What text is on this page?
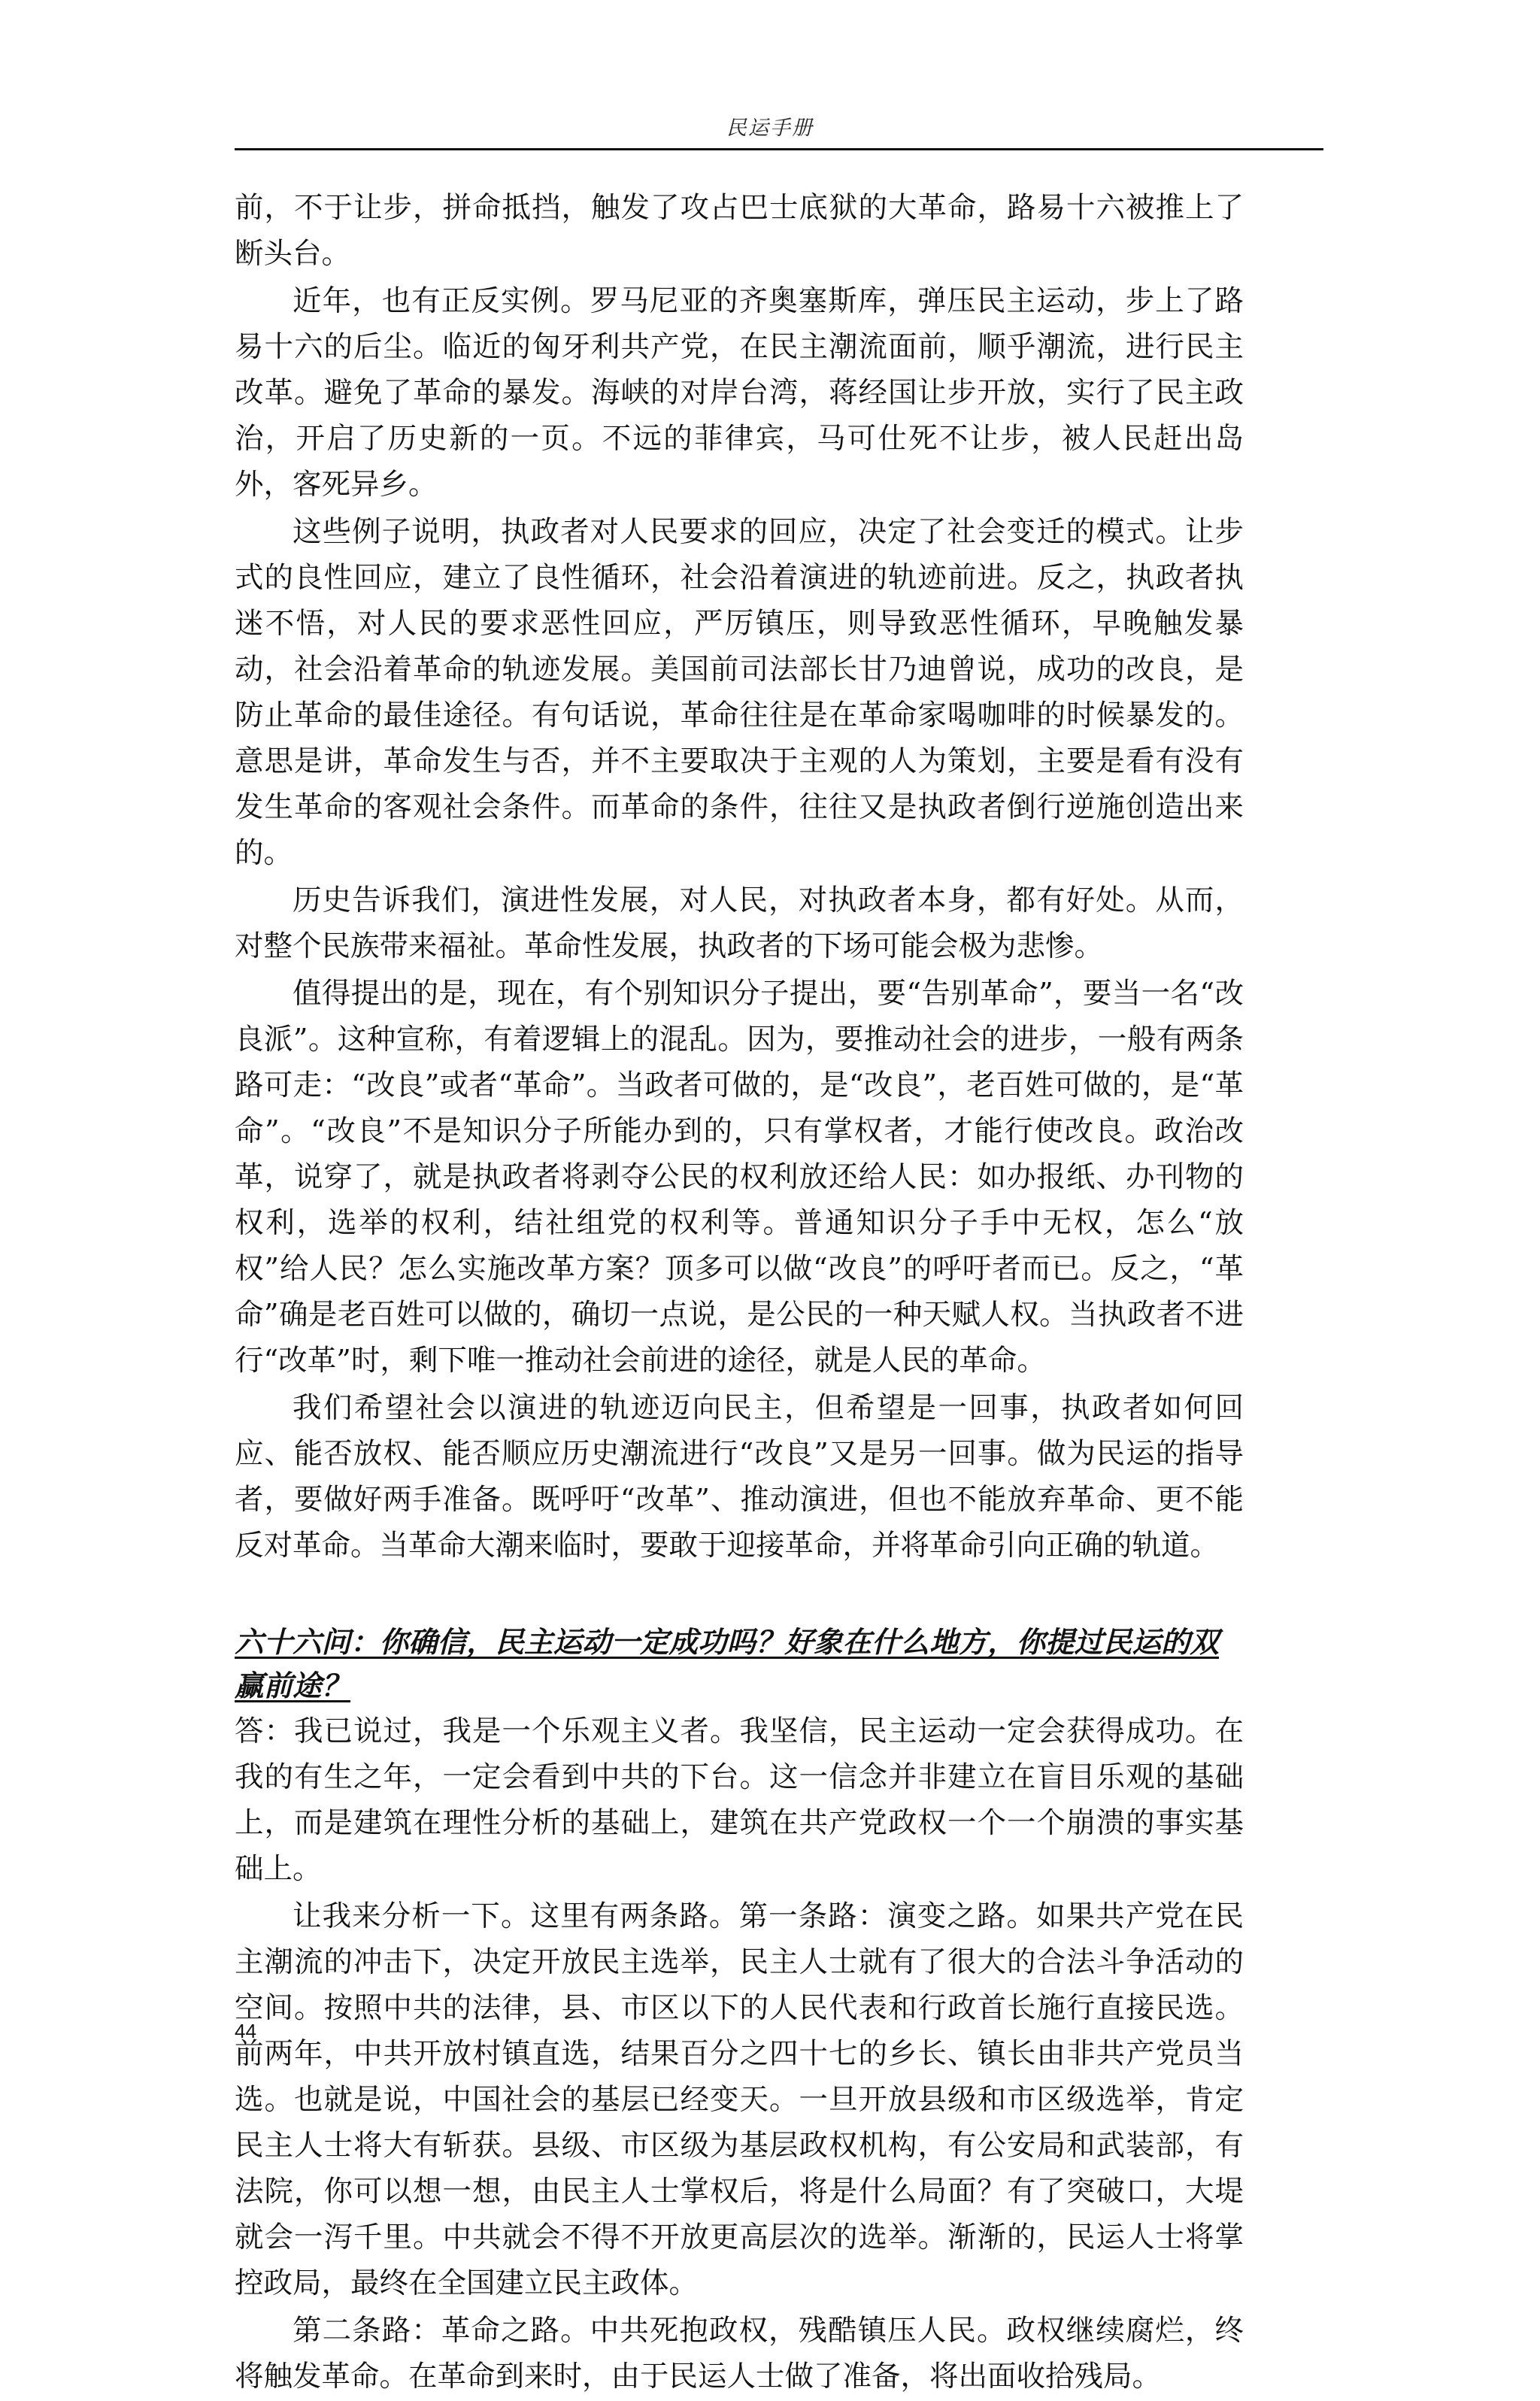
民运手册

前，不于让步，拼命抵挡，触发了攻占巴士底狱的大革命，路易十六被推上了断头台。

近年，也有正反实例。罗马尼亚的齐奥塞斯库，弹压民主运动，步上了路易十六的后尘。临近的匈牙利共产党，在民主潮流面前，顺乎潮流，进行民主改革。避免了革命的暴发。海峡的对岸台湾，蒋经国让步开放，实行了民主政治，开启了历史新的一页。不远的菲律宾，马可仕死不让步，被人民赶出岛外，客死异乡。

这些例子说明，执政者对人民要求的回应，决定了社会变迁的模式。让步式的良性回应，建立了良性循环，社会沿着演进的轨迹前进。反之，执政者执迷不悟，对人民的要求恶性回应，严厉镇压，则导致恶性循环，早晚触发暴动，社会沿着革命的轨迹发展。美国前司法部长甘乃迪曾说，成功的改良，是防止革命的最佳途径。有句话说，革命往往是在革命家喝咖啡的时候暴发的。意思是讲，革命发生与否，并不主要取决于主观的人为策划，主要是看有没有发生革命的客观社会条件。而革命的条件，往往又是执政者倒行逆施创造出来的。

历史告诉我们，演进性发展，对人民，对执政者本身，都有好处。从而，对整个民族带来福祉。革命性发展，执政者的下场可能会极为悲惨。

值得提出的是，现在，有个别知识分子提出，要“告别革命”，要当一名“改良派”。这种宣称，有着逻辑上的混乱。因为，要推动社会的进步，一般有两条路可走：“改良”或者“革命”。当政者可做的，是“改良”，老百姓可做的，是“革命”。“改良”不是知识分子所能办到的，只有掌权者，才能行使改良。政治改革，说穿了，就是执政者将剥夺公民的权利放还给人民：如办报纸、办刊物的权利，选举的权利，结社组党的权利等。普通知识分子手中无权，怎么“放权”给人民？怎么实施改革方案？顶多可以做“改良”的呼吁者而已。反之，“革命”确是老百姓可以做的，确切一点说，是公民的一种天赋人权。当执政者不进行“改革”时，剩下唯一推动社会前进的途径，就是人民的革命。

我们希望社会以演进的轨迹迈向民主，但希望是一回事，执政者如何回应、能否放权、能否顺应历史潮流进行“改良”又是另一回事。做为民运的指导者，要做好两手准备。既呼吁“改革”、推动演进，但也不能放弃革命、更不能反对革命。当革命大潮来临时，要敢于迎接革命，并将革命引向正确的轨道。

六十六问：你确信，民主运动一定成功吗？好象在什么地方，你提过民运的双赢前途？

答：我已说过，我是一个乐观主义者。我坚信，民主运动一定会获得成功。在我的有生之年，一定会看到中共的下台。这一信念并非建立在盲目乐观的基础上，而是建筑在理性分析的基础上，建筑在共产党政权一个一个崩溃的事实基础上。

让我来分析一下。这里有两条路。第一条路：演变之路。如果共产党在民主潮流的冲击下，决定开放民主选举，民主人士就有了很大的合法斗争活动的空间。按照中共的法律，县、市区以下的人民代表和行政首长施行直接民选。前两年，中共开放村镇直选，结果百分之四十七的乡长、镇长由非共产党员当选。也就是说，中国社会的基层已经变天。一旦开放县级和市区级选举，肯定民主人士将大有斩获。县级、市区级为基层政权机构，有公安局和武装部，有法院，你可以想一想，由民主人士掌权后，将是什么局面？有了突破口，大堤就会一泻千里。中共就会不得不开放更高层次的选举。渐渐的，民运人士将掌控政局，最终在全国建立民主政体。

第二条路：革命之路。中共死抱政权，残酷镇压人民。政权继续腐烂，终将触发革命。在革命到来时，由于民运人士做了准备，将出面收拾残局。

44
